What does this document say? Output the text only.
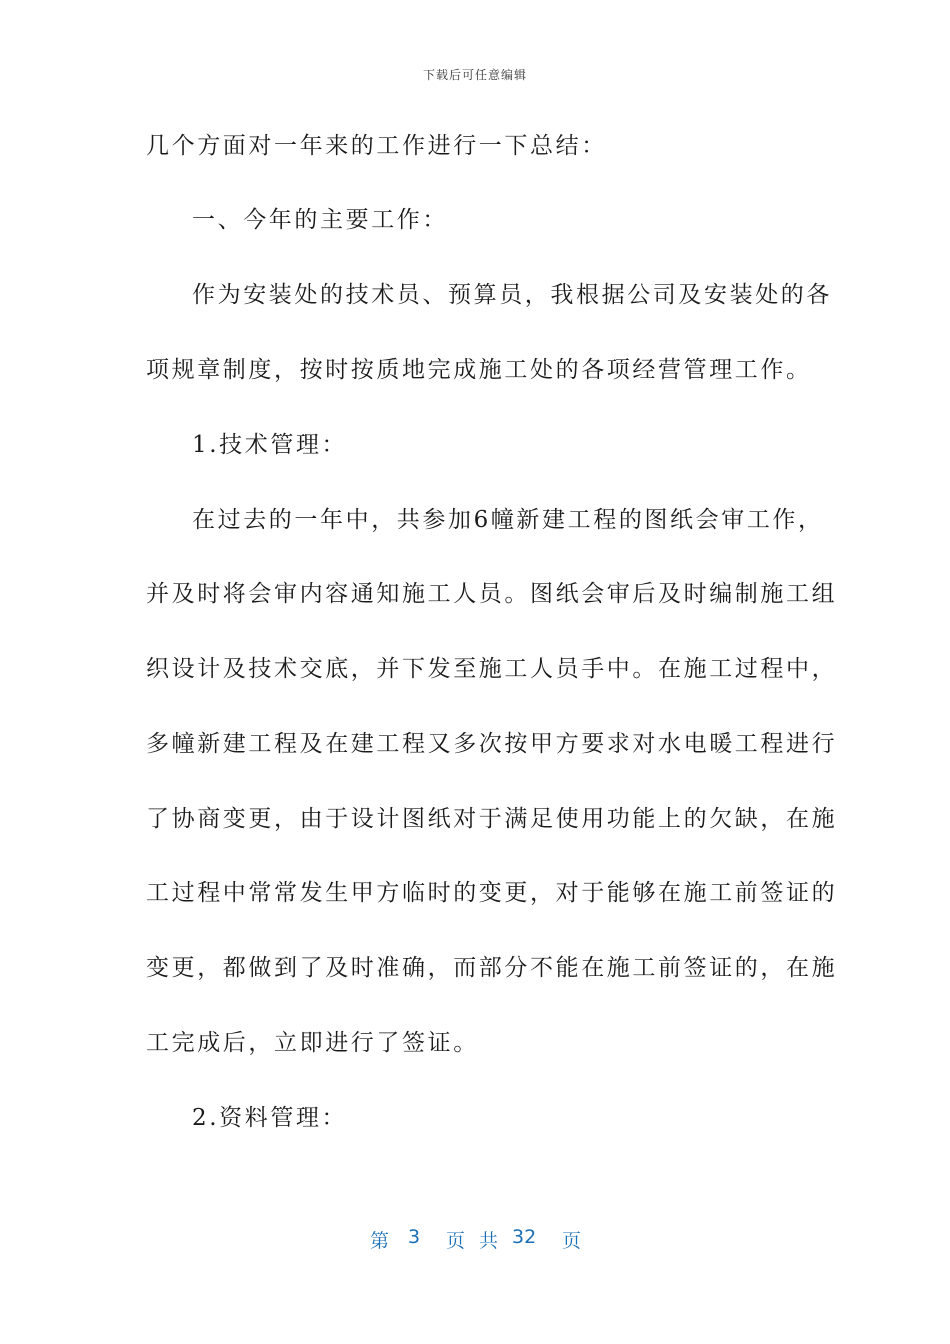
下载后可任意编辑
几个方面对一年来的工作进行一下总结：
一、今年的主要工作：
作为安装处的技术员、预算员，我根据公司及安装处的各
项规章制度，按时按质地完成施工处的各项经营管理工作。
1.技术管理：
在过去的一年中，共参加6幢新建工程的图纸会审工作，
并及时将会审内容通知施工人员。图纸会审后及时编制施工组
织设计及技术交底，并下发至施工人员手中。在施工过程中，
多幢新建工程及在建工程又多次按甲方要求对水电暖工程进行
了协商变更，由于设计图纸对于满足使用功能上的欠缺，在施
工过程中常常发生甲方临时的变更，对于能够在施工前签证的
变更，都做到了及时准确，而部分不能在施工前签证的，在施
工完成后，立即进行了签证。
2.资料管理：
第 3 页 共 32 页
